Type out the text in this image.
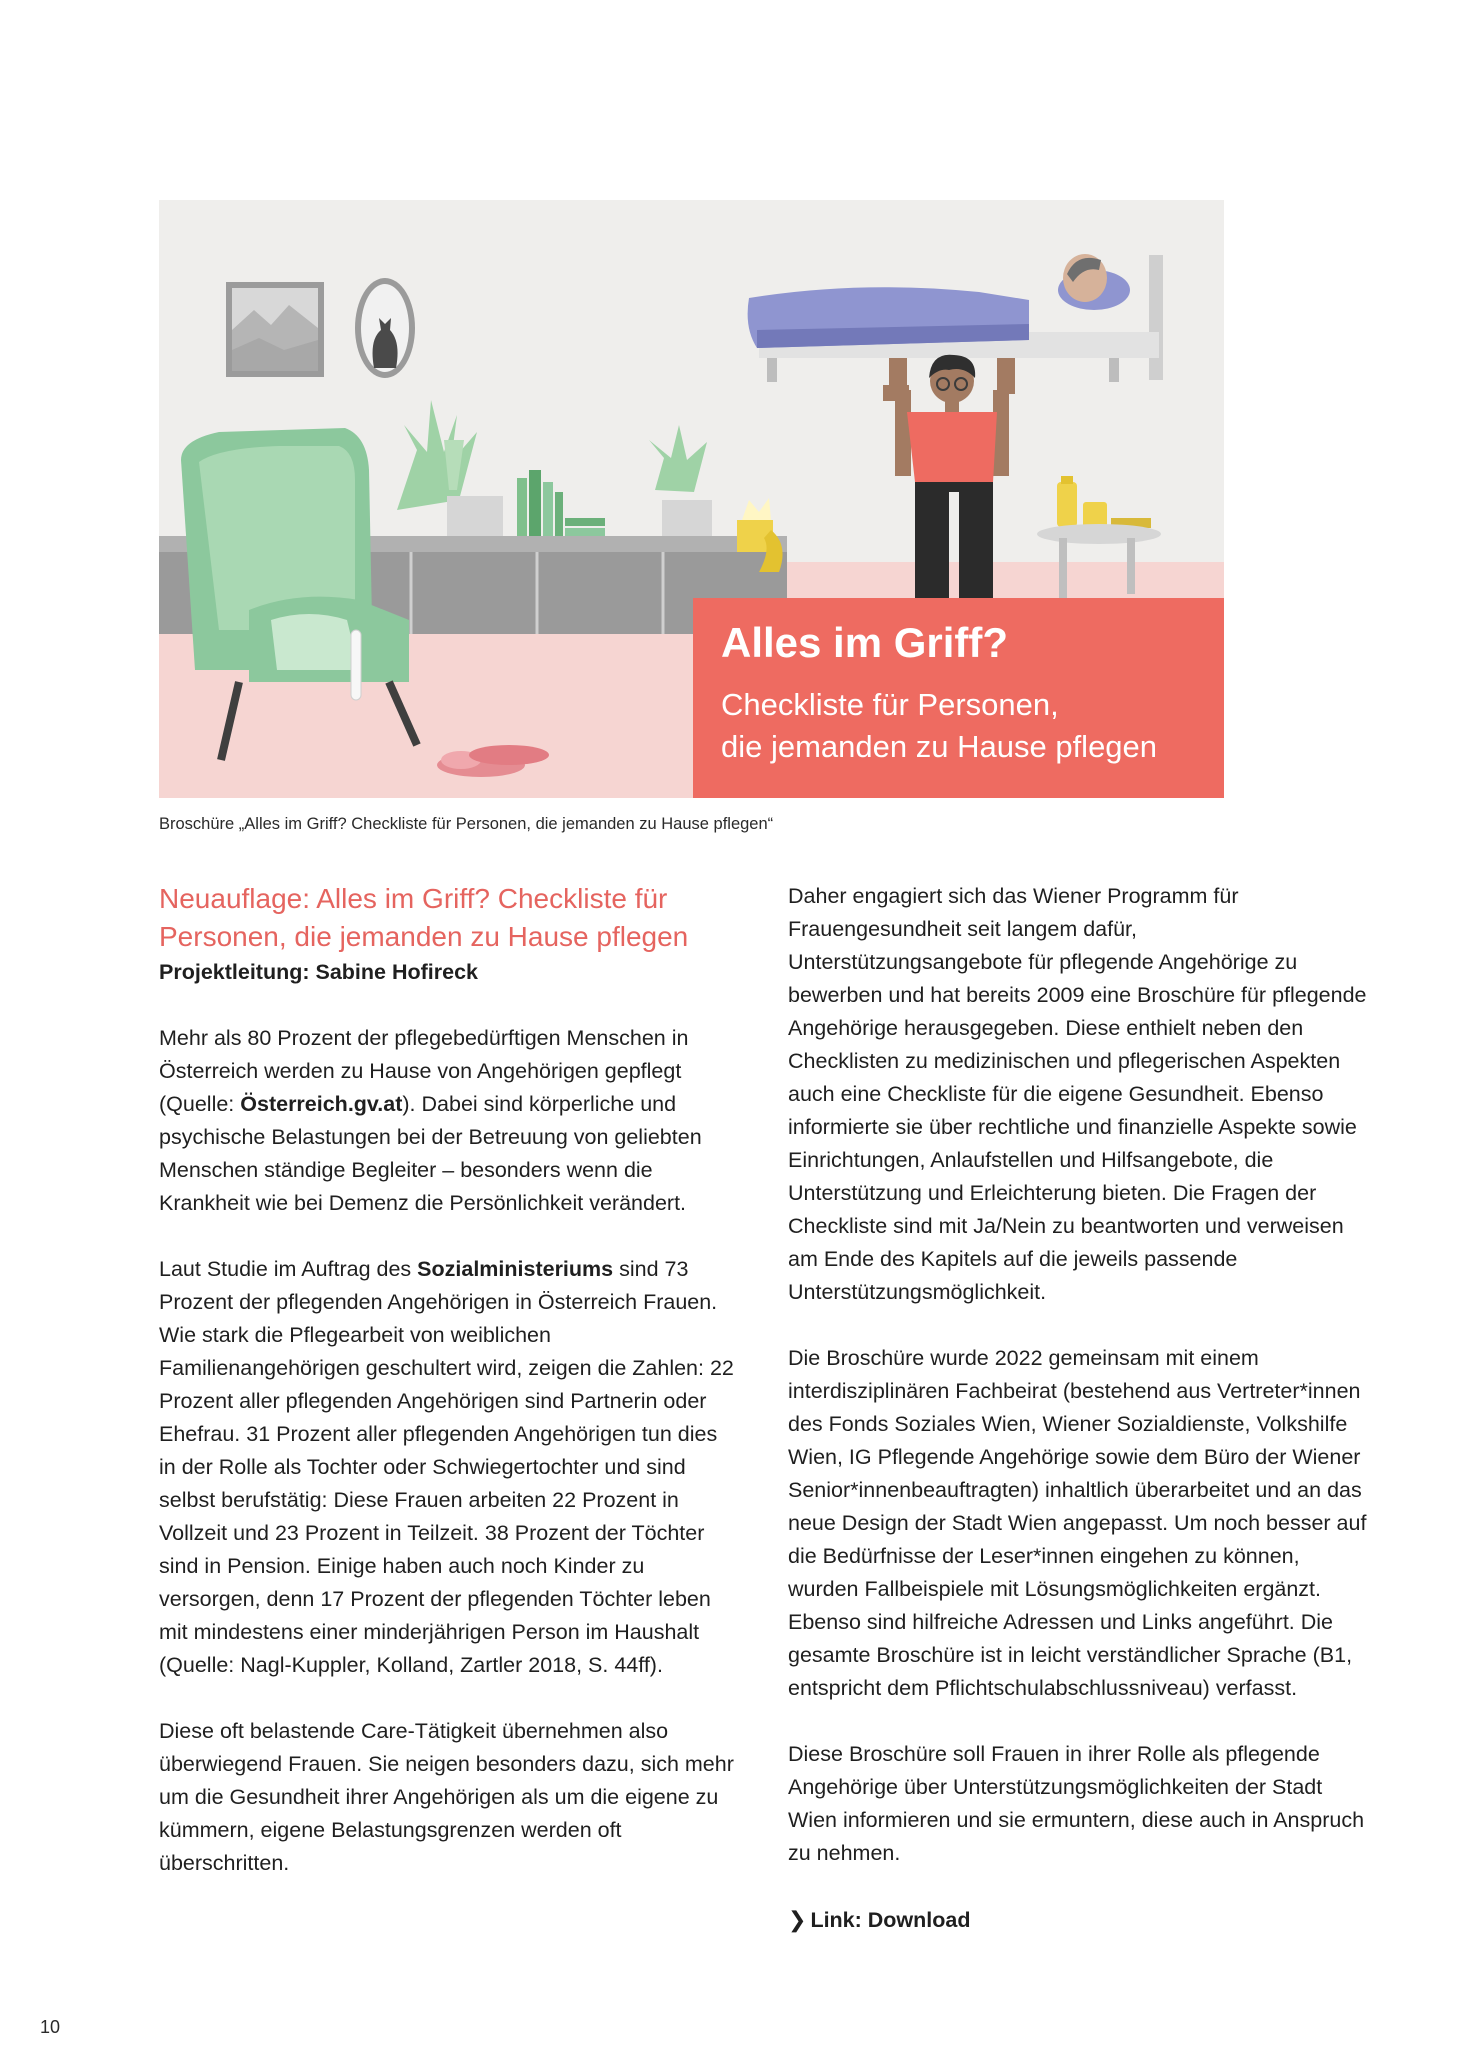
Alles im Griff?

Checkliste für Personen,
die jemanden zu Hause pflegen

Broschüre „Alles im Griff? Checkliste für Personen, die jemanden zu Hause pflegen“
Neuauflage: Alles im Griff? Checkliste für
Personen, die jemanden zu Hause pflegen

Projektleitung: Sabine Hofireck

Mehr als 80 Prozent der pflegebedürftigen Menschen in Österreich werden zu Hause von Angehörigen gepflegt (Quelle: Österreich.gv.at). Dabei sind körperliche und psychische Belastungen bei der Betreuung von geliebten Menschen ständige Begleiter – besonders wenn die Krankheit wie bei Demenz die Persönlichkeit verändert.

Laut Studie im Auftrag des Sozialministeriums sind 73 Prozent der pflegenden Angehörigen in Österreich Frauen. Wie stark die Pflegearbeit von weiblichen Familienangehörigen geschultert wird, zeigen die Zahlen: 22 Prozent aller pflegenden Angehörigen sind Partnerin oder Ehefrau. 31 Prozent aller pflegenden Angehörigen tun dies in der Rolle als Tochter oder Schwiegertochter und sind selbst berufstätig: Diese Frauen arbeiten 22 Prozent in Vollzeit und 23 Prozent in Teilzeit. 38 Prozent der Töchter sind in Pension. Einige haben auch noch Kinder zu versorgen, denn 17 Prozent der pflegenden Töchter leben mit mindestens einer minderjährigen Person im Haushalt (Quelle: Nagl-Kuppler, Kolland, Zartler 2018, S. 44ff).

Diese oft belastende Care-Tätigkeit übernehmen also überwiegend Frauen. Sie neigen besonders dazu, sich mehr um die Gesundheit ihrer Angehörigen als um die eigene zu kümmern, eigene Belastungsgrenzen werden oft überschritten.

Daher engagiert sich das Wiener Programm für Frauengesundheit seit langem dafür, Unterstützungsangebote für pflegende Angehörige zu bewerben und hat bereits 2009 eine Broschüre für pflegende Angehörige herausgegeben. Diese enthielt neben den Checklisten zu medizinischen und pflegerischen Aspekten auch eine Checkliste für die eigene Gesundheit. Ebenso informierte sie über rechtliche und finanzielle Aspekte sowie Einrichtungen, Anlaufstellen und Hilfsangebote, die Unterstützung und Erleichterung bieten. Die Fragen der Checkliste sind mit Ja/Nein zu beantworten und verweisen am Ende des Kapitels auf die jeweils passende Unterstützungsmöglichkeit.

Die Broschüre wurde 2022 gemeinsam mit einem interdisziplinären Fachbeirat (bestehend aus Vertreter*innen des Fonds Soziales Wien, Wiener Sozialdienste, Volkshilfe Wien, IG Pflegende Angehörige sowie dem Büro der Wiener Senior*innenbeauftragten) inhaltlich überarbeitet und an das neue Design der Stadt Wien angepasst. Um noch besser auf die Bedürfnisse der Leser*innen eingehen zu können, wurden Fallbeispiele mit Lösungsmöglichkeiten ergänzt. Ebenso sind hilfreiche Adressen und Links angeführt. Die gesamte Broschüre ist in leicht verständlicher Sprache (B1, entspricht dem Pflichtschulabschlussniveau) verfasst.

Diese Broschüre soll Frauen in ihrer Rolle als pflegende Angehörige über Unterstützungsmöglichkeiten der Stadt Wien informieren und sie ermuntern, diese auch in Anspruch zu nehmen.

❯ Link: Download
10
